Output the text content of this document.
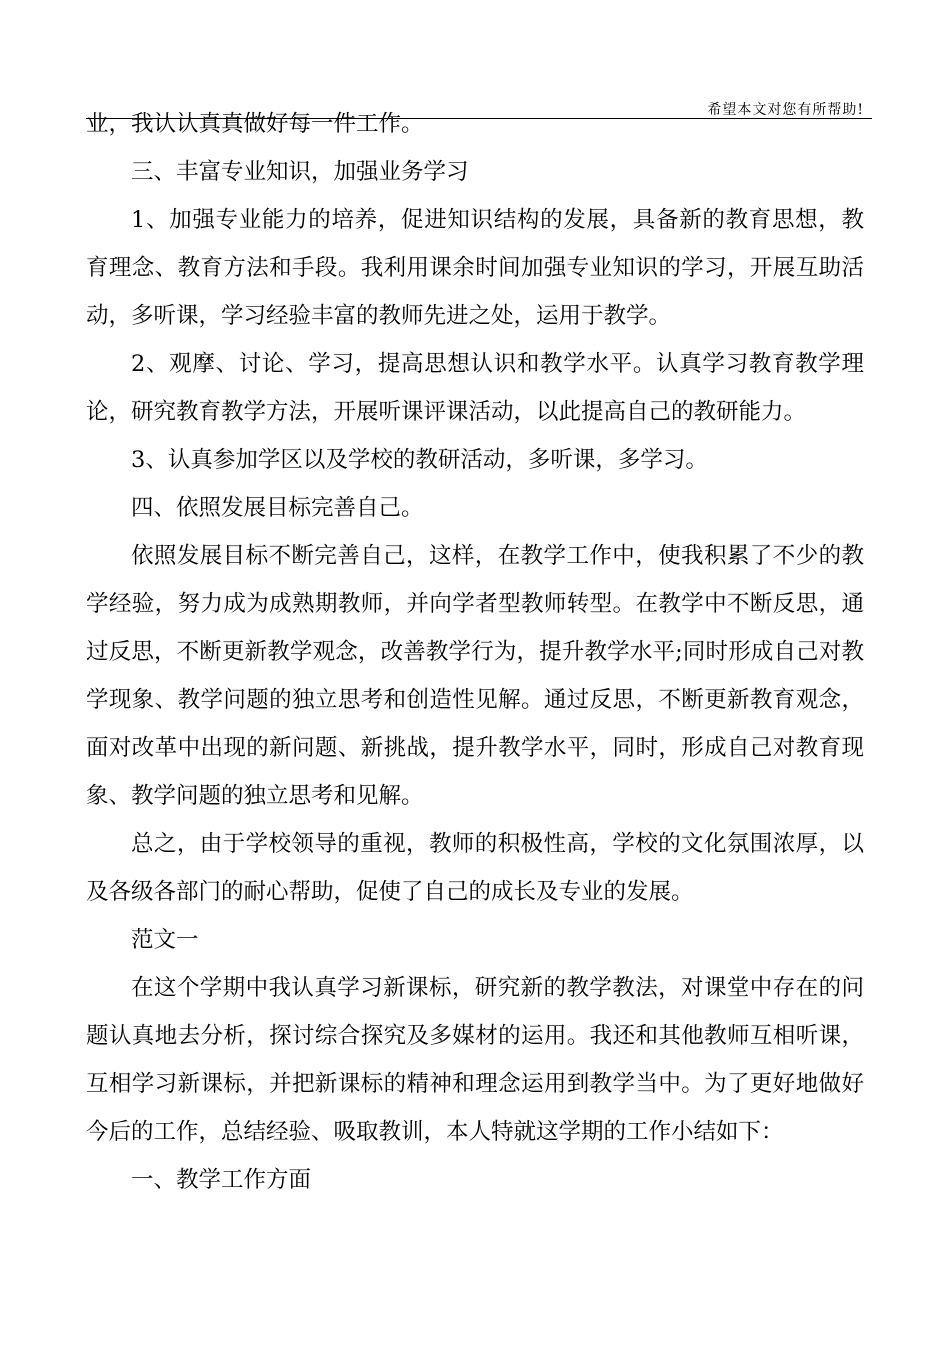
希望本文对您有所帮助!

业，我认认真真做好每一件工作。

三、丰富专业知识，加强业务学习

1、加强专业能力的培养，促进知识结构的发展，具备新的教育思想，教育理念、教育方法和手段。我利用课余时间加强专业知识的学习，开展互助活动，多听课，学习经验丰富的教师先进之处，运用于教学。

2、观摩、讨论、学习，提高思想认识和教学水平。认真学习教育教学理论，研究教育教学方法，开展听课评课活动，以此提高自己的教研能力。

3、认真参加学区以及学校的教研活动，多听课，多学习。

四、依照发展目标完善自己。

依照发展目标不断完善自己，这样，在教学工作中，使我积累了不少的教学经验，努力成为成熟期教师，并向学者型教师转型。在教学中不断反思，通过反思，不断更新教学观念，改善教学行为，提升教学水平;同时形成自己对教学现象、教学问题的独立思考和创造性见解。通过反思，不断更新教育观念，面对改革中出现的新问题、新挑战，提升教学水平，同时，形成自己对教育现象、教学问题的独立思考和见解。

总之，由于学校领导的重视，教师的积极性高，学校的文化氛围浓厚，以及各级各部门的耐心帮助，促使了自己的成长及专业的发展。

范文一

在这个学期中我认真学习新课标，研究新的教学教法，对课堂中存在的问题认真地去分析，探讨综合探究及多媒材的运用。我还和其他教师互相听课，互相学习新课标，并把新课标的精神和理念运用到教学当中。为了更好地做好今后的工作，总结经验、吸取教训，本人特就这学期的工作小结如下：

一、教学工作方面
